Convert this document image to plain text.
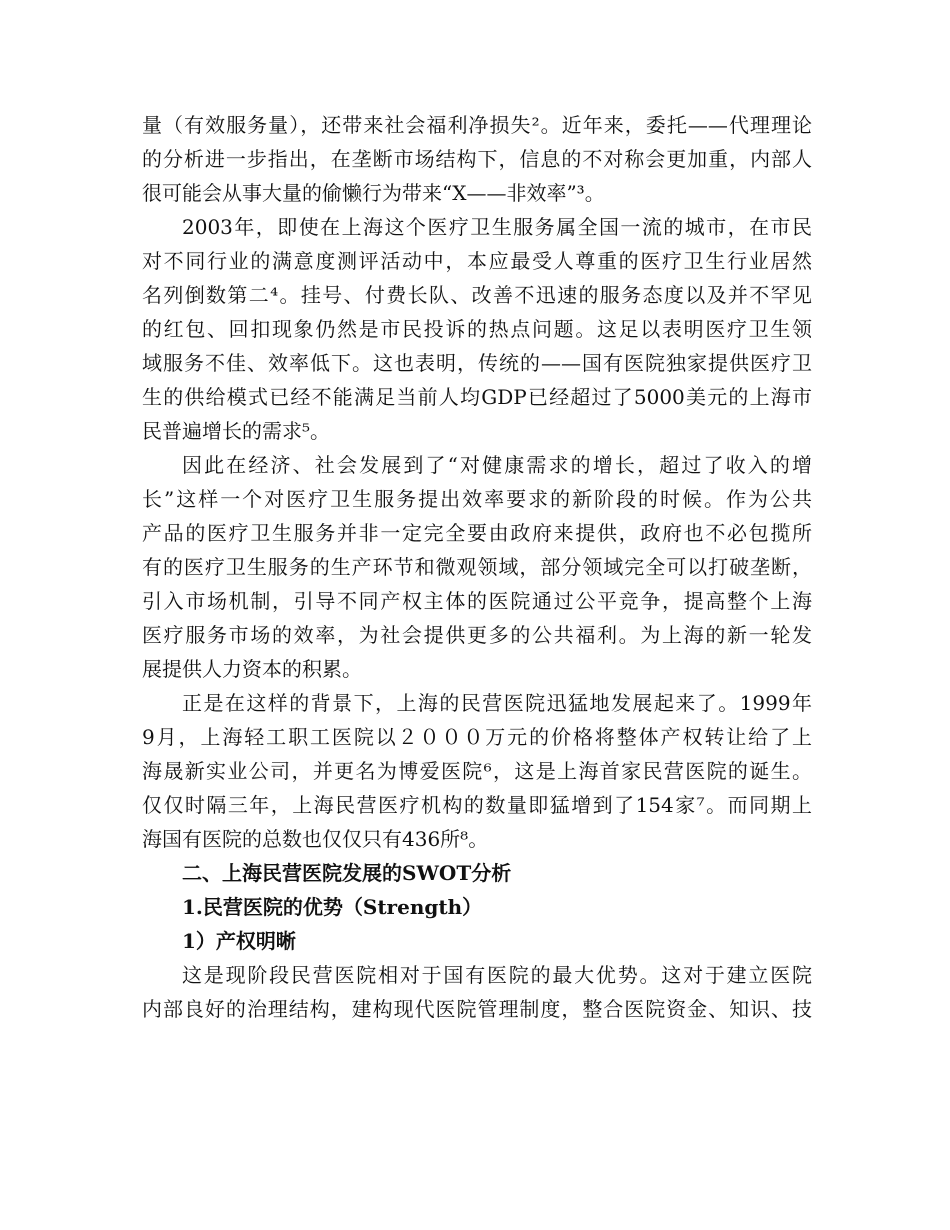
量（有效服务量），还带来社会福利净损失²。近年来，委托——代理理论
的分析进一步指出，在垄断市场结构下，信息的不对称会更加重，内部人
很可能会从事大量的偷懒行为带来“X——非效率”³。
2003年，即使在上海这个医疗卫生服务属全国一流的城市，在市民
对不同行业的满意度测评活动中，本应最受人尊重的医疗卫生行业居然
名列倒数第二⁴。挂号、付费长队、改善不迅速的服务态度以及并不罕见
的红包、回扣现象仍然是市民投诉的热点问题。这足以表明医疗卫生领
域服务不佳、效率低下。这也表明，传统的——国有医院独家提供医疗卫
生的供给模式已经不能满足当前人均GDP已经超过了5000美元的上海市
民普遍增长的需求⁵。
因此在经济、社会发展到了“对健康需求的增长，超过了收入的增
长”这样一个对医疗卫生服务提出效率要求的新阶段的时候。作为公共
产品的医疗卫生服务并非一定完全要由政府来提供，政府也不必包揽所
有的医疗卫生服务的生产环节和微观领域，部分领域完全可以打破垄断，
引入市场机制，引导不同产权主体的医院通过公平竞争，提高整个上海
医疗服务市场的效率，为社会提供更多的公共福利。为上海的新一轮发
展提供人力资本的积累。
正是在这样的背景下，上海的民营医院迅猛地发展起来了。1999年
9月，上海轻工职工医院以２０００万元的价格将整体产权转让给了上
海晟新实业公司，并更名为博爱医院⁶，这是上海首家民营医院的诞生。
仅仅时隔三年，上海民营医疗机构的数量即猛增到了154家⁷。而同期上
海国有医院的总数也仅仅只有436所⁸。
二、上海民营医院发展的SWOT分析
1.民营医院的优势（Strength）
1）产权明晰
这是现阶段民营医院相对于国有医院的最大优势。这对于建立医院
内部良好的治理结构，建构现代医院管理制度，整合医院资金、知识、技
